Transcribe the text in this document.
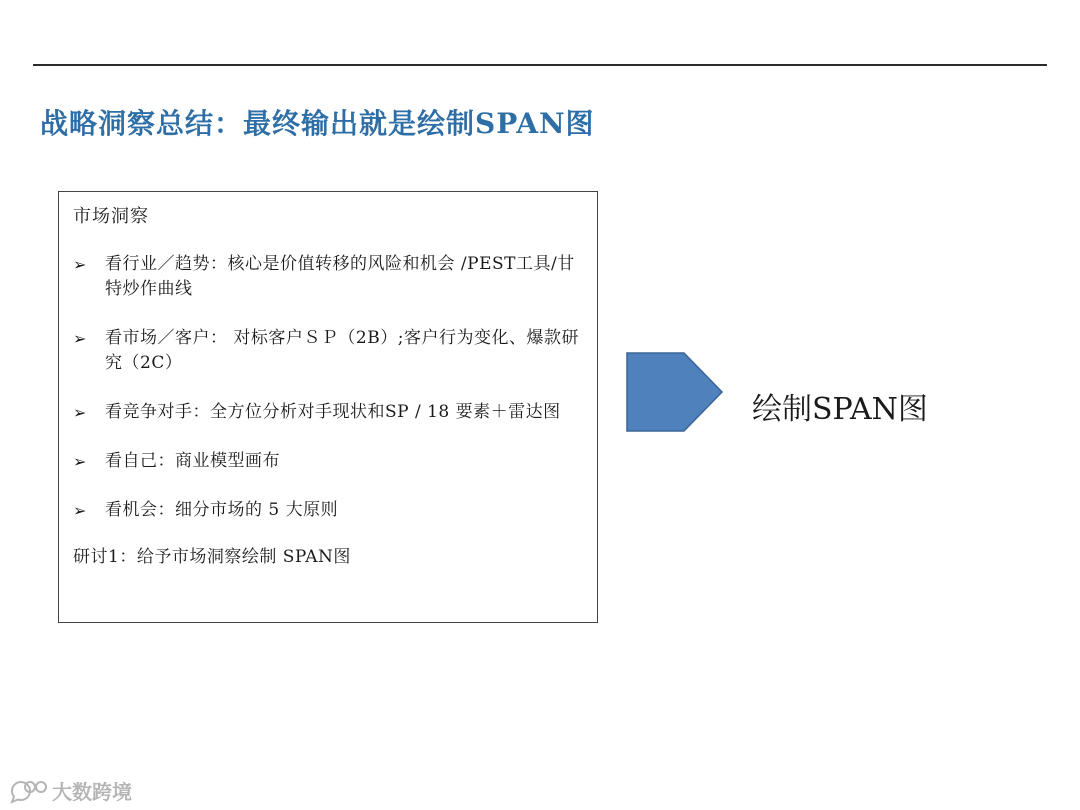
战略洞察总结：最终输出就是绘制SPAN图
市场洞察
➢ 看行业／趋势：核心是价值转移的风险和机会 /PEST工具/甘特炒作曲线
➢ 看市场／客户： 对标客户ＳＰ（2B）;客户行为变化、爆款研究（2C）
➢ 看竞争对手：全方位分析对手现状和SP / 18 要素＋雷达图
➢ 看自己：商业模型画布
➢ 看机会：细分市场的 5 大原则
研讨1：给予市场洞察绘制 SPAN图
绘制SPAN图
大数跨境
